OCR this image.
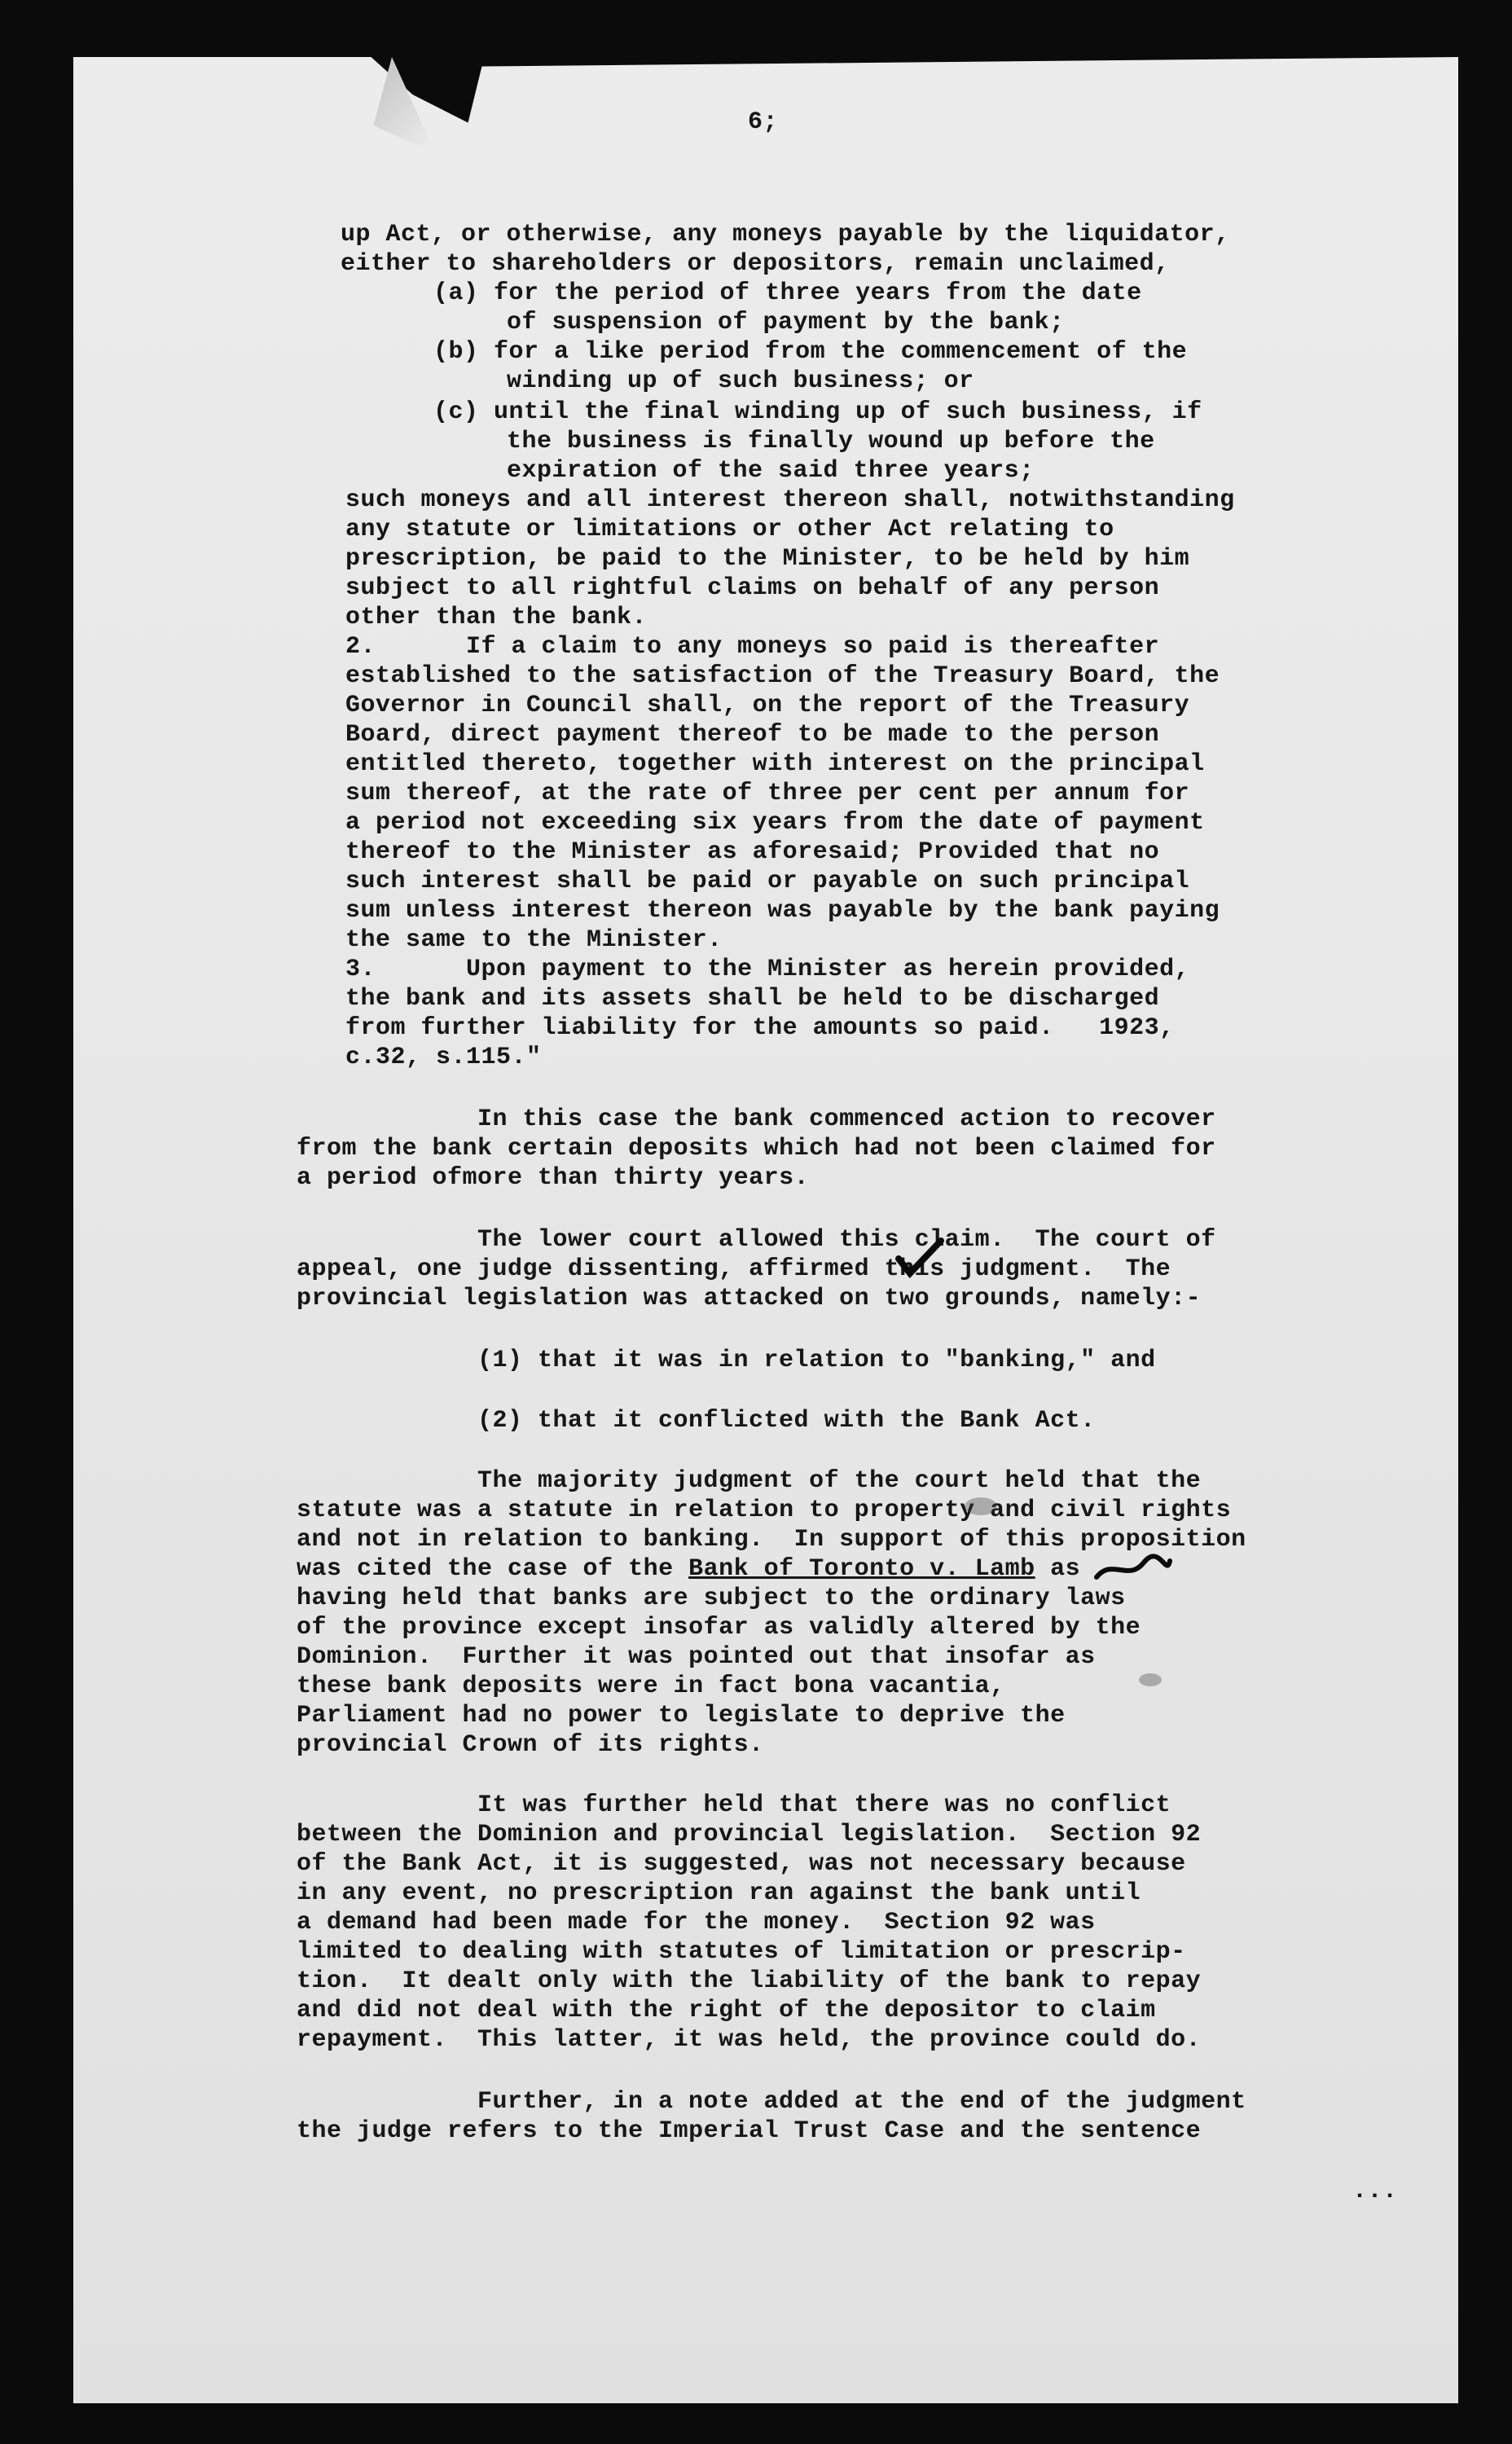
6;
up Act, or otherwise, any moneys payable by the liquidator,
either to shareholders or depositors, remain unclaimed,
(a) for the period of three years from the date
of suspension of payment by the bank;
(b) for a like period from the commencement of the
winding up of such business; or
(c) until the final winding up of such business, if
the business is finally wound up before the
expiration of the said three years;
such moneys and all interest thereon shall, notwithstanding
any statute or limitations or other Act relating to
prescription, be paid to the Minister, to be held by him
subject to all rightful claims on behalf of any person
other than the bank.
2.      If a claim to any moneys so paid is thereafter
established to the satisfaction of the Treasury Board, the
Governor in Council shall, on the report of the Treasury
Board, direct payment thereof to be made to the person
entitled thereto, together with interest on the principal
sum thereof, at the rate of three per cent per annum for
a period not exceeding six years from the date of payment
thereof to the Minister as aforesaid; Provided that no
such interest shall be paid or payable on such principal
sum unless interest thereon was payable by the bank paying
the same to the Minister.
3.      Upon payment to the Minister as herein provided,
the bank and its assets shall be held to be discharged
from further liability for the amounts so paid.   1923,
c.32, s.115."
In this case the bank commenced action to recover
from the bank certain deposits which had not been claimed for
a period ofmore than thirty years.
The lower court allowed this claim.  The court of
appeal, one judge dissenting, affirmed this judgment.  The
provincial legislation was attacked on two grounds, namely:-
(1) that it was in relation to "banking," and
(2) that it conflicted with the Bank Act.
The majority judgment of the court held that the
statute was a statute in relation to property and civil rights
and not in relation to banking.  In support of this proposition
was cited the case of the Bank of Toronto v. Lamb as
having held that banks are subject to the ordinary laws
of the province except insofar as validly altered by the
Dominion.  Further it was pointed out that insofar as
these bank deposits were in fact bona vacantia,
Parliament had no power to legislate to deprive the
provincial Crown of its rights.
It was further held that there was no conflict
between the Dominion and provincial legislation.  Section 92
of the Bank Act, it is suggested, was not necessary because
in any event, no prescription ran against the bank until
a demand had been made for the money.  Section 92 was
limited to dealing with statutes of limitation or prescrip-
tion.  It dealt only with the liability of the bank to repay
and did not deal with the right of the depositor to claim
repayment.  This latter, it was held, the province could do.
Further, in a note added at the end of the judgment
the judge refers to the Imperial Trust Case and the sentence
...
